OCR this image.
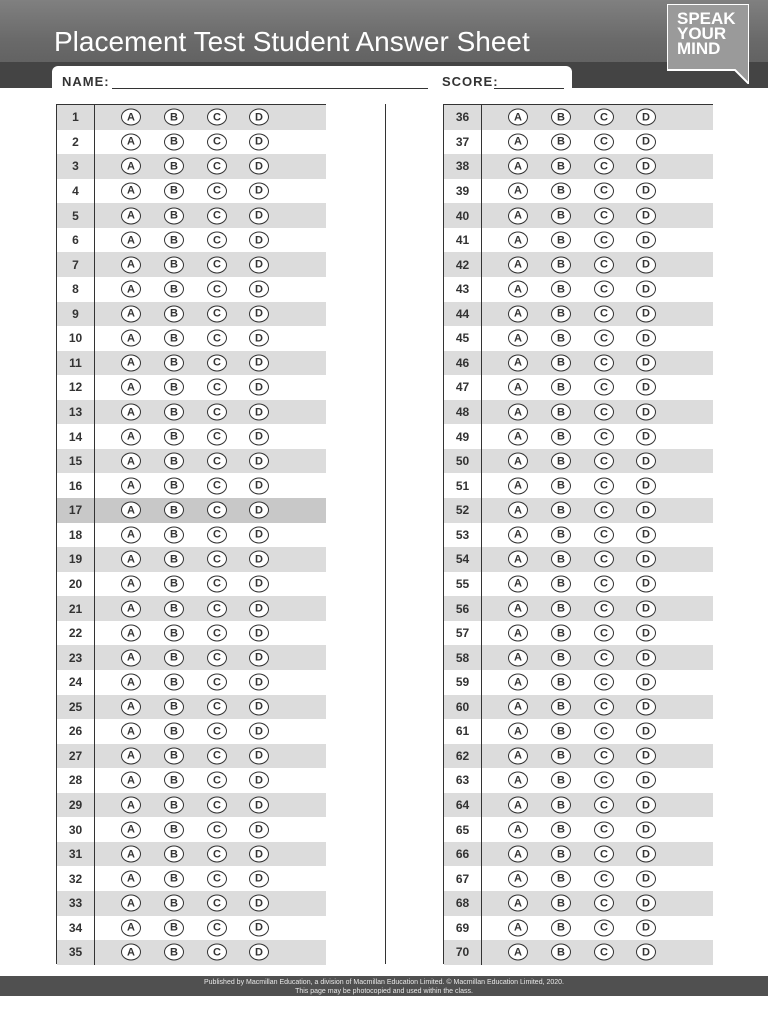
Placement Test Student Answer Sheet
SPEAK
YOUR
MIND
NAME:	SCORE:
1	A	B	C	D
2	A	B	C	D
3	A	B	C	D
4	A	B	C	D
5	A	B	C	D
6	A	B	C	D
7	A	B	C	D
8	A	B	C	D
9	A	B	C	D
10	A	B	C	D
11	A	B	C	D
12	A	B	C	D
13	A	B	C	D
14	A	B	C	D
15	A	B	C	D
16	A	B	C	D
17	A	B	C	D
18	A	B	C	D
19	A	B	C	D
20	A	B	C	D
21	A	B	C	D
22	A	B	C	D
23	A	B	C	D
24	A	B	C	D
25	A	B	C	D
26	A	B	C	D
27	A	B	C	D
28	A	B	C	D
29	A	B	C	D
30	A	B	C	D
31	A	B	C	D
32	A	B	C	D
33	A	B	C	D
34	A	B	C	D
35	A	B	C	D
36	A	B	C	D
37	A	B	C	D
38	A	B	C	D
39	A	B	C	D
40	A	B	C	D
41	A	B	C	D
42	A	B	C	D
43	A	B	C	D
44	A	B	C	D
45	A	B	C	D
46	A	B	C	D
47	A	B	C	D
48	A	B	C	D
49	A	B	C	D
50	A	B	C	D
51	A	B	C	D
52	A	B	C	D
53	A	B	C	D
54	A	B	C	D
55	A	B	C	D
56	A	B	C	D
57	A	B	C	D
58	A	B	C	D
59	A	B	C	D
60	A	B	C	D
61	A	B	C	D
62	A	B	C	D
63	A	B	C	D
64	A	B	C	D
65	A	B	C	D
66	A	B	C	D
67	A	B	C	D
68	A	B	C	D
69	A	B	C	D
70	A	B	C	D
Published by Macmillan Education, a division of Macmillan Education Limited. © Macmillan Education Limited, 2020.
This page may be photocopied and used within the class.
